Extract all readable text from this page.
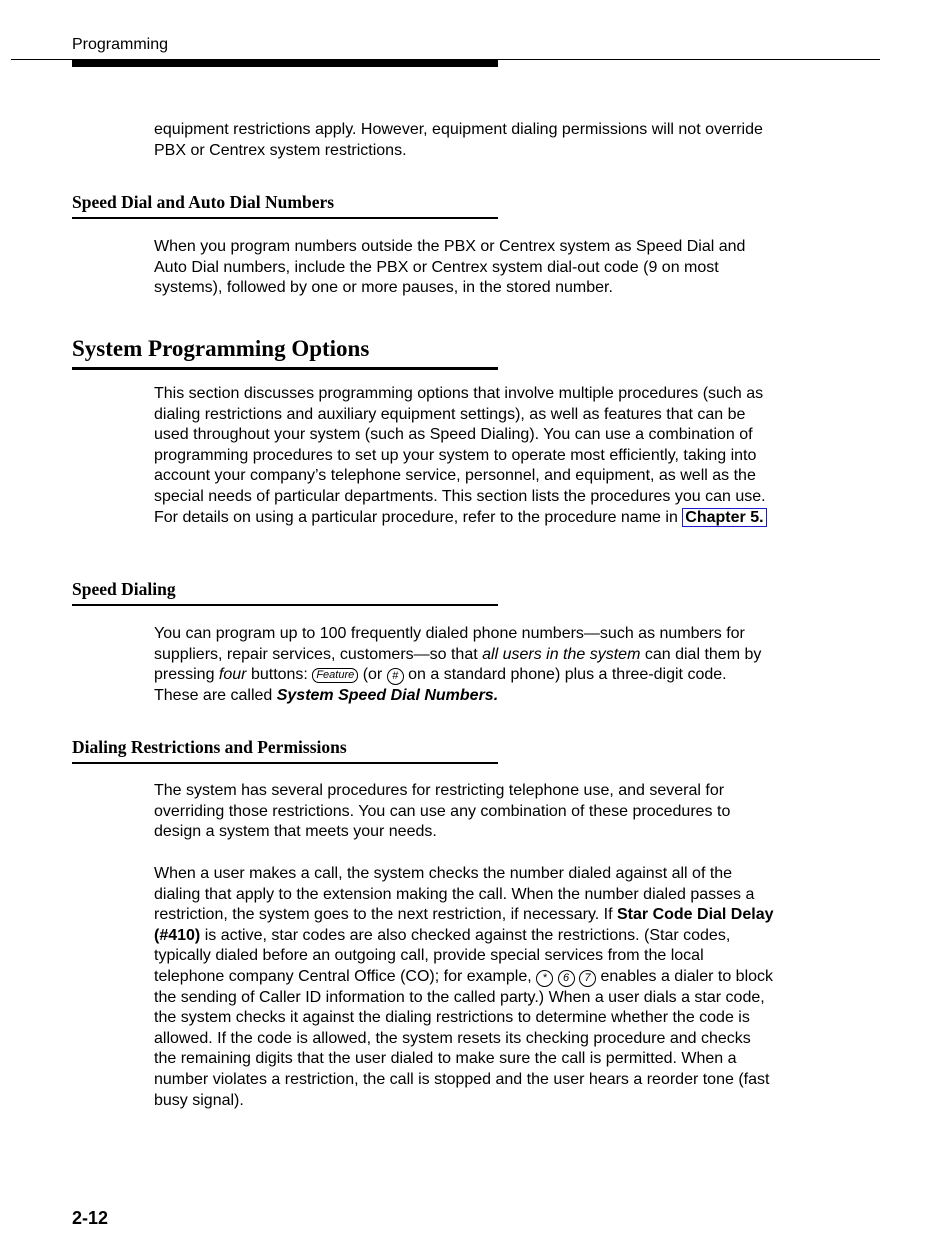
Programming
equipment restrictions apply. However, equipment dialing permissions will not override PBX or Centrex system restrictions.
Speed Dial and Auto Dial Numbers
When you program numbers outside the PBX or Centrex system as Speed Dial and Auto Dial numbers, include the PBX or Centrex system dial-out code (9 on most systems), followed by one or more pauses, in the stored number.
System Programming Options
This section discusses programming options that involve multiple procedures (such as dialing restrictions and auxiliary equipment settings), as well as features that can be used throughout your system (such as Speed Dialing). You can use a combination of programming procedures to set up your system to operate most efficiently, taking into account your company’s telephone service, personnel, and equipment, as well as the special needs of particular departments. This section lists the procedures you can use. For details on using a particular procedure, refer to the procedure name in Chapter 5.
Speed Dialing
You can program up to 100 frequently dialed phone numbers—such as numbers for suppliers, repair services, customers—so that all users in the system can dial them by pressing four buttons: Feature (or # on a standard phone) plus a three-digit code. These are called System Speed Dial Numbers.
Dialing Restrictions and Permissions
The system has several procedures for restricting telephone use, and several for overriding those restrictions. You can use any combination of these procedures to design a system that meets your needs.
When a user makes a call, the system checks the number dialed against all of the dialing that apply to the extension making the call. When the number dialed passes a restriction, the system goes to the next restriction, if necessary. If Star Code Dial Delay (#410) is active, star codes are also checked against the restrictions. (Star codes, typically dialed before an outgoing call, provide special services from the local telephone company Central Office (CO); for example, * 6 7 enables a dialer to block the sending of Caller ID information to the called party.) When a user dials a star code, the system checks it against the dialing restrictions to determine whether the code is allowed. If the code is allowed, the system resets its checking procedure and checks the remaining digits that the user dialed to make sure the call is permitted. When a number violates a restriction, the call is stopped and the user hears a reorder tone (fast busy signal).
2-12
